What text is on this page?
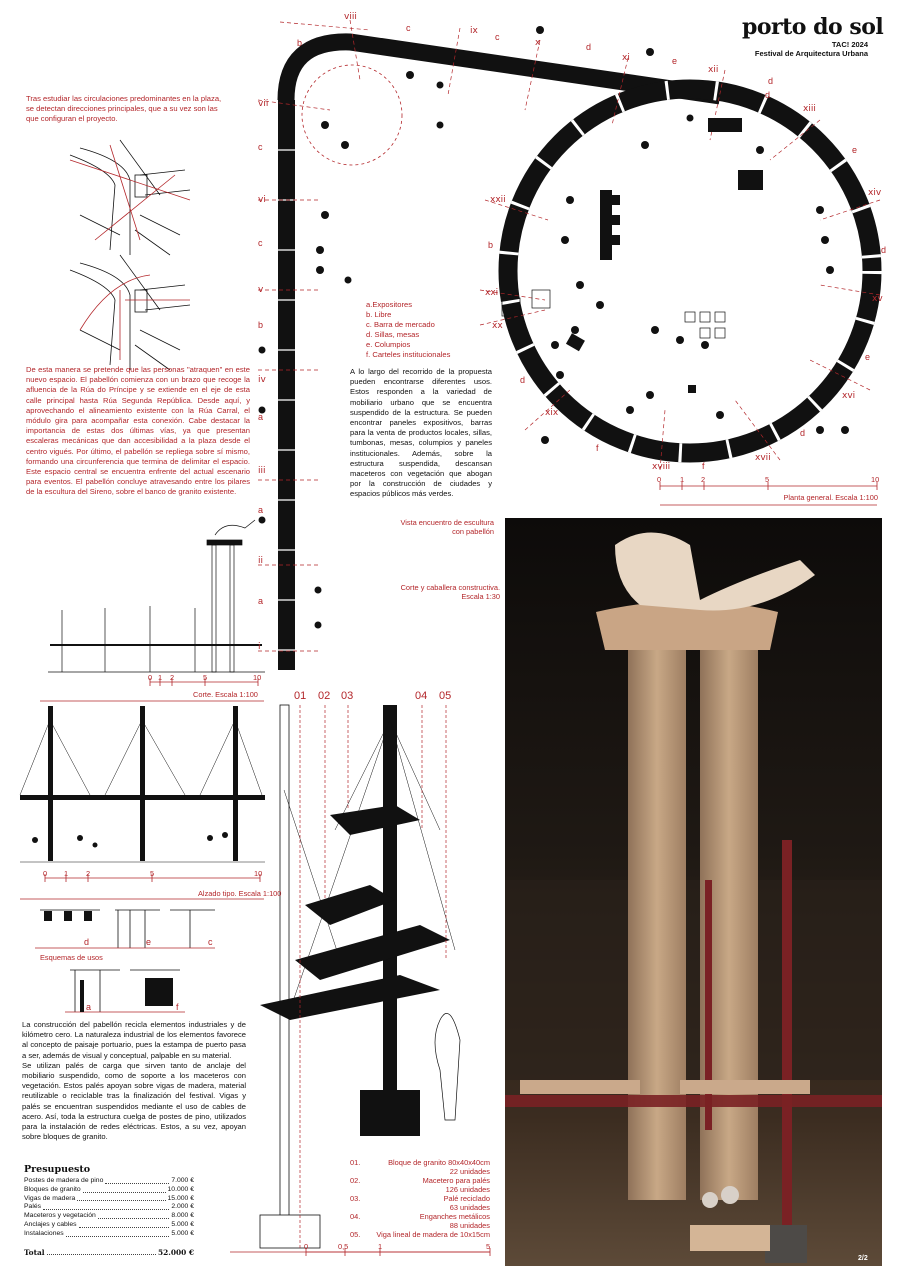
porto do sol
TAC! 2024
Festival de Arquitectura Urbana
Tras estudiar las circulaciones predominantes en la plaza, se detectan direcciones principales, que a su vez son las que configuran el proyecto.
De esta manera se pretende que las personas "atraquen" en este nuevo espacio. El pabellón comienza con un brazo que recoge la afluencia de la Rúa do Príncipe y se extiende en el eje de esta calle principal hasta Rúa Segunda República. Desde aquí, y aprovechando el alineamiento existente con la Rúa Carral, el módulo gira para acompañar esta conexión. Cabe destacar la importancia de estas dos últimas vías, ya que presentan escaleras mecánicas que dan accesibilidad a la plaza desde el centro vigués. Por último, el pabellón se repliega sobre sí mismo, formando una circunferencia que termina de delimitar el espacio. Este espacio central se encuentra enfrente del actual escenario para eventos. El pabellón concluye atravesando entre los pilares de la escultura del Sireno, sobre el banco de granito existente.
A lo largo del recorrido de la propuesta pueden encontrarse diferentes usos. Estos responden a la variedad de mobiliario urbano que se encuentra suspendido de la estructura. Se pueden encontrar paneles expositivos, barras para la venta de productos locales, sillas, tumbonas, mesas, columpios y paneles institucionales. Además, sobre la estructura suspendida, descansan maceteros con vegetación que abogan por la construcción de ciudades y espacios públicos más verdes.
La construcción del pabellón recicla elementos industriales y de kilómetro cero. La naturaleza industrial de los elementos favorece al concepto de paisaje portuario, pues la estampa de puerto pasa a ser, además de visual y conceptual, palpable en su material.
Se utilizan palés de carga que sirven tanto de anclaje del mobiliario suspendido, como de soporte a los maceteros con vegetación. Estos palés apoyan sobre vigas de madera, material reutilizable o reciclable tras la finalización del festival. Vigas y palés se encuentran suspendidos mediante el uso de cables de acero. Así, toda la estructura cuelga de postes de pino, utilizados para la instalación de redes eléctricas. Estos, a su vez, apoyan sobre bloques de granito.
a.Expositores
b. Libre
c. Barra de mercado
d. Sillas, mesas
e. Columpios
f. Carteles institucionales
i
ii
iii
iv
v
vi
vii
viii
ix
x
xi
xii
xiii
xiv
xv
xvi
xvii
xviii
xix
xx
xxi
xxii
a
a
a
b
c
c
b
c
c
d
d
e
d
d
e
d
e
f
f
d
b
0	1 2	5	10
Planta general. Escala 1:100
0 1 2	5	10
Corte. Escala 1:100
0 1 2	5	10
Alzado tipo. Escala 1:100
d	e	c
Esquemas de usos
a	f
01 02 03	04 05
Corte y caballera constructiva.
Escala 1:30
0	0,5	1	5
Vista encuentro de escultura con pabellón
2/2
01.	Bloque de granito 80x40x40cm
22 unidades
02.	Macetero para palés
126 unidades
03.	Palé reciclado
63 unidades
04.	Enganches metálicos
88 unidades
05.	Viga lineal de madera de 10x15cm
Presupuesto
Postes de madera de pino	7.000 €
Bloques de granito	10.000 €
Vigas de madera	15.000 €
Palés	2.000 €
Maceteros y vegetación	8.000 €
Anclajes y cables	5.000 €
Instalaciones	5.000 €
Total	52.000 €
